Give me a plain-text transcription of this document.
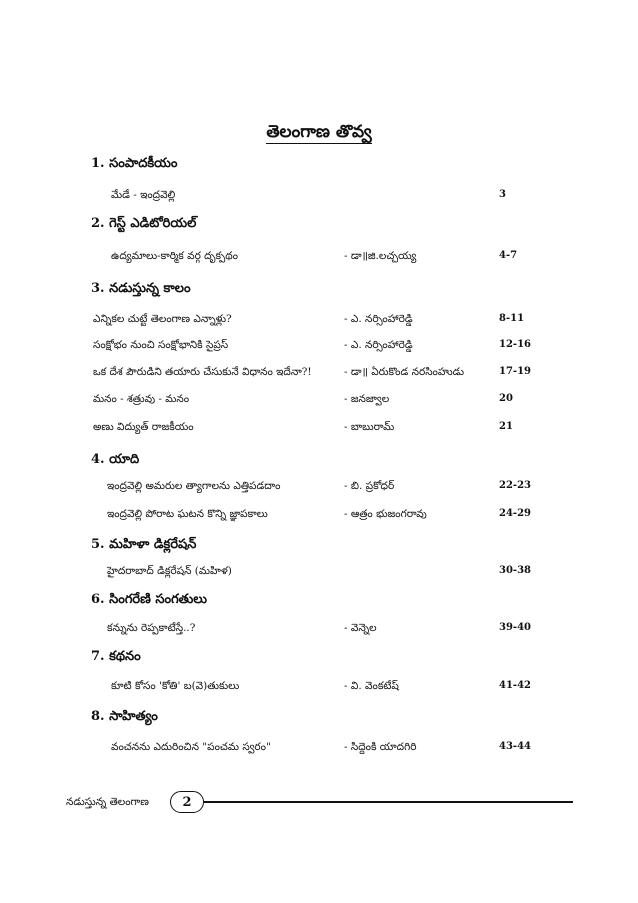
తెలంగాణ తొవ్వ
1. సంపాదకీయం
మేడే - ఇంద్రవెల్లి	3
2. గెస్ట్ ఎడిటోరియల్
ఉద్యమాలు-కార్మిక వర్గ దృక్పథం	- డా॥జి.లచ్చయ్య	4-7
3. నడుస్తున్న కాలం
ఎన్నికల చుట్టే తెలంగాణ ఎన్నాళ్లు?	- ఎ. నర్సింహారెడ్డి	8-11
సంక్షోభం నుంచి సంక్షోభానికి సైప్రస్	- ఎ. నర్సింహారెడ్డి	12-16
ఒక దేశ పౌరుడిని తయారు చేసుకునే విధానం ఇదేనా?!	- డా॥ ఏరుకొండ నరసింహుడు	17-19
మనం - శత్రువు - మనం	- జనజ్వాల	20
అణు విద్యుత్ రాజకీయం	- బాబురామ్	21
4. యాది
ఇంద్రవెల్లి అమరుల త్యాగాలను ఎత్తిపడదాం	- బి. ప్రకోధర్	22-23
ఇంద్రవెల్లి పోరాట ఘటన కొన్ని జ్ఞాపకాలు	- ఆత్రం భుజంగరావు	24-29
5. మహిళా డిక్లరేషన్
హైదరాబాద్ డిక్లరేషన్ (మహిళ)	30-38
6. సింగరేణి సంగతులు
కన్నును రెప్పకాటేస్తే..?	- వెన్నెల	39-40
7. కథనం
కూటి కోసం 'కోతి' బ(వె)తుకులు	- వి. వెంకటేష్	41-42
8. సాహిత్యం
వంచనను ఎదురించిన "పంచమ స్వరం"	- సిద్దెంకి యాదగిరి	43-44
నడుస్తున్న తెలంగాణ	2
